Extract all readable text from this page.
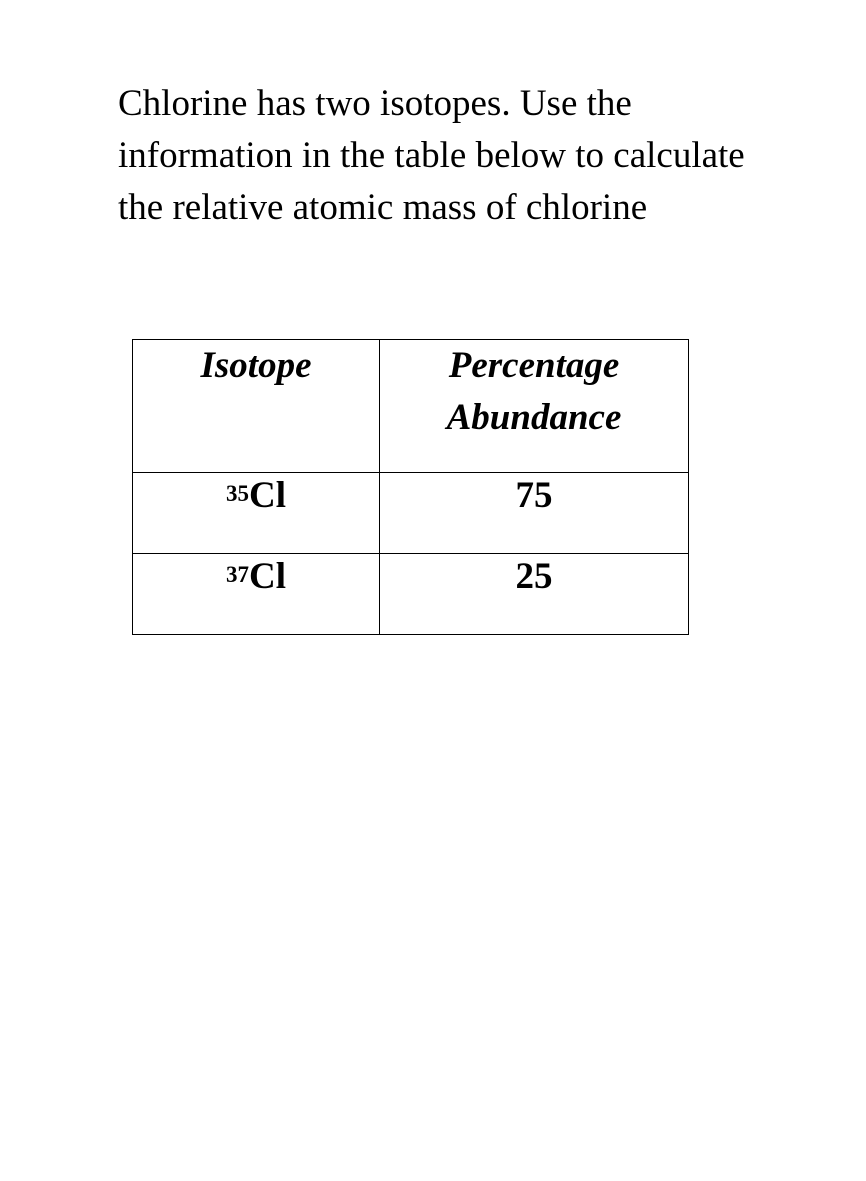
Chlorine has two isotopes. Use the
information in the table below to calculate
the relative atomic mass of chlorine
Isotope	Percentage
Abundance

$^{35}$Cl	75

$^{37}$Cl	25
